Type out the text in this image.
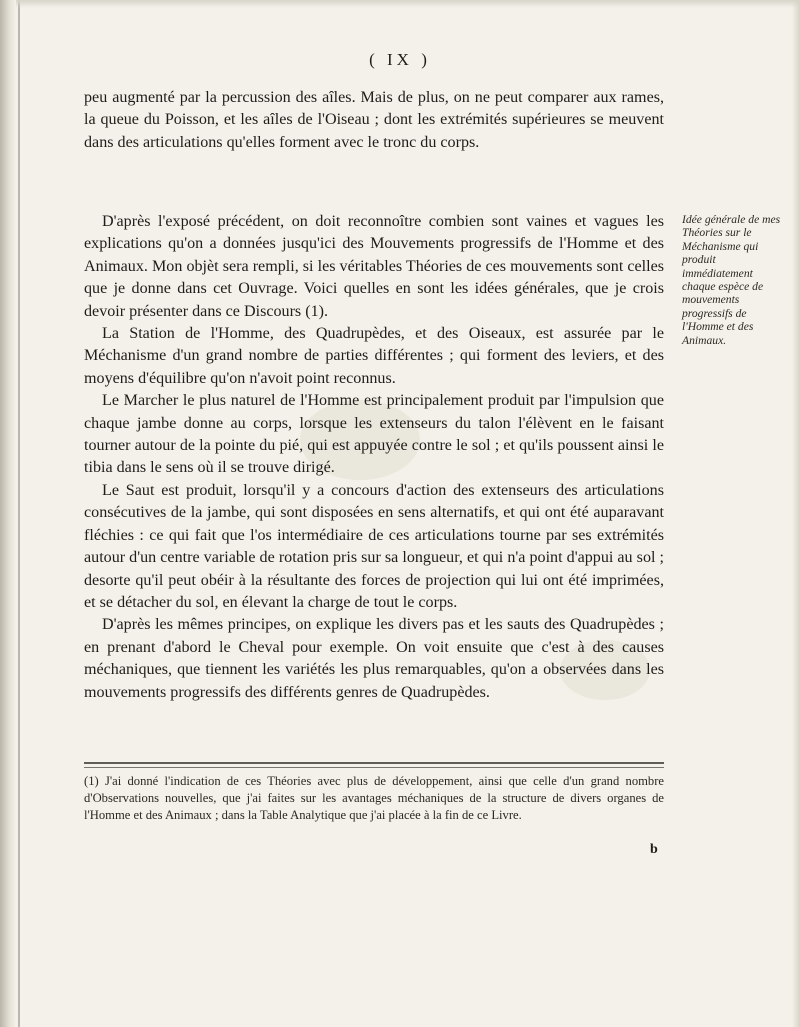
( IX )

peu augmenté par la percussion des aîles. Mais de plus, on ne peut comparer aux rames, la queue du Poisson, et les aîles de l'Oiseau ; dont les extrémités supérieures se meuvent dans des articulations qu'elles forment avec le tronc du corps.

D'après l'exposé précédent, on doit reconnoître combien sont vaines et vagues les explications qu'on a données jusqu'ici des Mouvements progressifs de l'Homme et des Animaux. Mon objèt sera rempli, si les véritables Théories de ces mouvements sont celles que je donne dans cet Ouvrage. Voici quelles en sont les idées générales, que je crois devoir présenter dans ce Discours (1).

La Station de l'Homme, des Quadrupèdes, et des Oiseaux, est assurée par le Méchanisme d'un grand nombre de parties différentes ; qui forment des leviers, et des moyens d'équilibre qu'on n'avoit point reconnus.

Le Marcher le plus naturel de l'Homme est principalement produit par l'impulsion que chaque jambe donne au corps, lorsque les extenseurs du talon l'élèvent en le faisant tourner autour de la pointe du pié, qui est appuyée contre le sol ; et qu'ils poussent ainsi le tibia dans le sens où il se trouve dirigé.

Le Saut est produit, lorsqu'il y a concours d'action des extenseurs des articulations consécutives de la jambe, qui sont disposées en sens alternatifs, et qui ont été auparavant fléchies : ce qui fait que l'os intermédiaire de ces articulations tourne par ses extrémités autour d'un centre variable de rotation pris sur sa longueur, et qui n'a point d'appui au sol ; desorte qu'il peut obéir à la résultante des forces de projection qui lui ont été imprimées, et se détacher du sol, en élevant la charge de tout le corps.

D'après les mêmes principes, on explique les divers pas et les sauts des Quadrupèdes ; en prenant d'abord le Cheval pour exemple. On voit ensuite que c'est à des causes méchaniques, que tiennent les variétés les plus remarquables, qu'on a observées dans les mouvements progressifs des différents genres de Quadrupèdes.

Idée générale de mes Théories sur le Méchanisme qui produit immédiatement chaque espèce de mouvements progressifs de l'Homme et des Animaux.
(1) J'ai donné l'indication de ces Théories avec plus de développement, ainsi que celle d'un grand nombre d'Observations nouvelles, que j'ai faites sur les avantages méchaniques de la structure de divers organes de l'Homme et des Animaux ; dans la Table Analytique que j'ai placée à la fin de ce Livre.
b
